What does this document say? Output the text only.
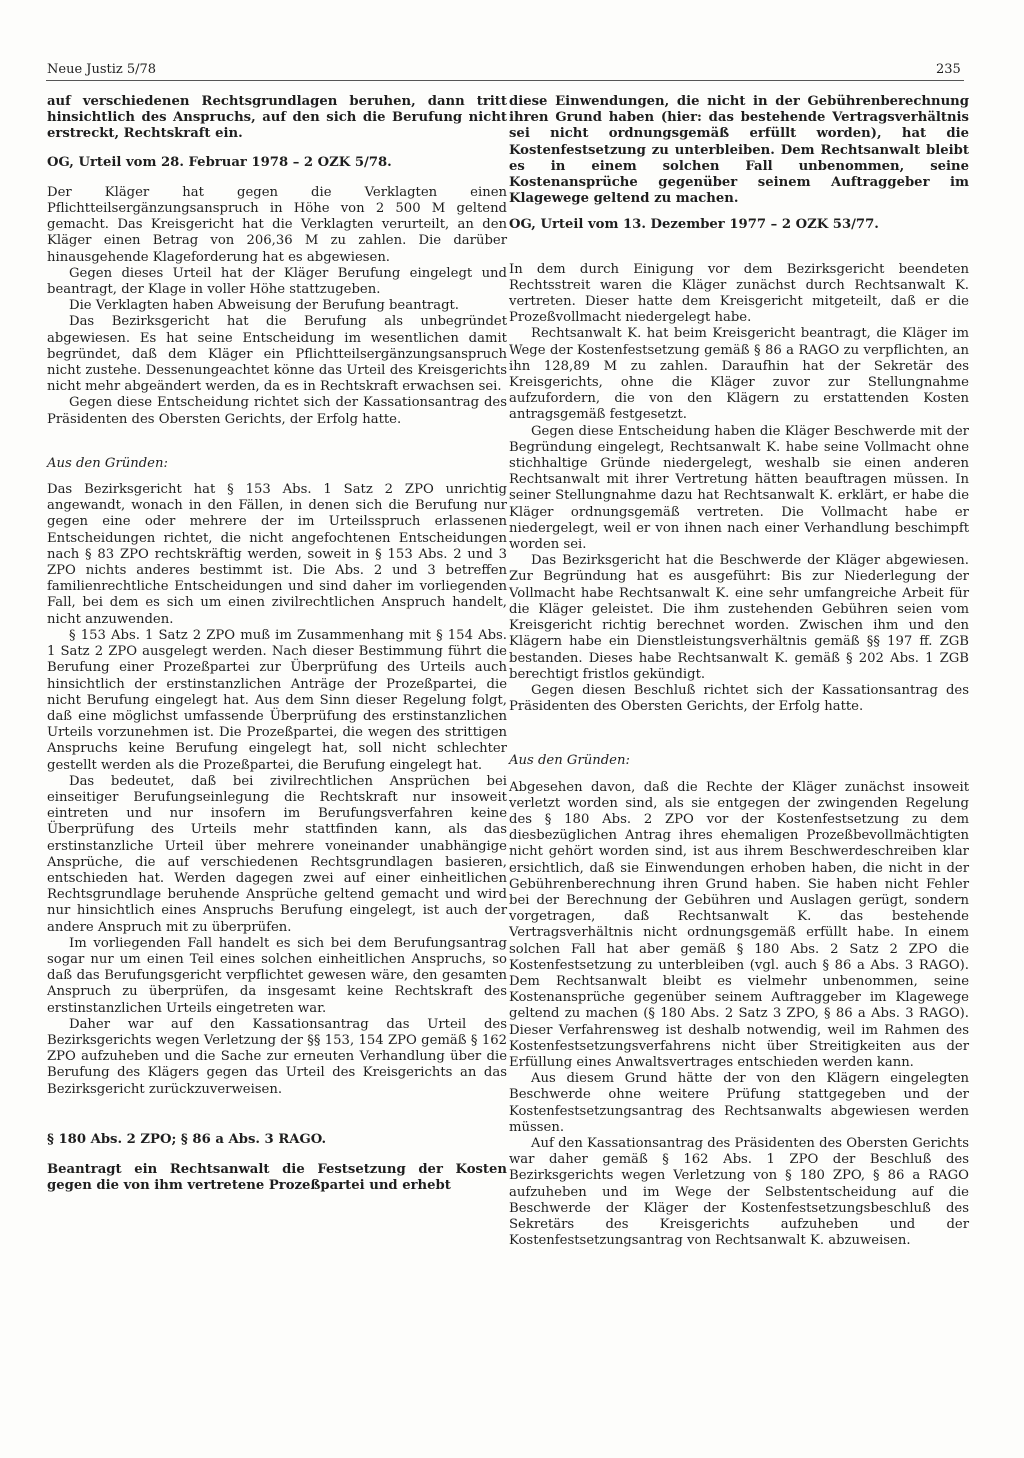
Neue Justiz 5/78	235

auf verschiedenen Rechtsgrundlagen beruhen, dann tritt hinsichtlich des Anspruchs, auf den sich die Berufung nicht erstreckt, Rechtskraft ein.

OG, Urteil vom 28. Februar 1978 – 2 OZK 5/78.

Der Kläger hat gegen die Verklagten einen Pflichtteilsergänzungsanspruch in Höhe von 2 500 M geltend gemacht. Das Kreisgericht hat die Verklagten verurteilt, an den Kläger einen Betrag von 206,36 M zu zahlen. Die darüber hinausgehende Klageforderung hat es abgewiesen.

Gegen dieses Urteil hat der Kläger Berufung eingelegt und beantragt, der Klage in voller Höhe stattzugeben.

Die Verklagten haben Abweisung der Berufung beantragt.

Das Bezirksgericht hat die Berufung als unbegründet abgewiesen. Es hat seine Entscheidung im wesentlichen damit begründet, daß dem Kläger ein Pflichtteilsergänzungsanspruch nicht zustehe. Dessenungeachtet könne das Urteil des Kreisgerichts nicht mehr abgeändert werden, da es in Rechtskraft erwachsen sei.

Gegen diese Entscheidung richtet sich der Kassationsantrag des Präsidenten des Obersten Gerichts, der Erfolg hatte.

Aus den Gründen:

Das Bezirksgericht hat § 153 Abs. 1 Satz 2 ZPO unrichtig angewandt, wonach in den Fällen, in denen sich die Berufung nur gegen eine oder mehrere der im Urteilsspruch erlassenen Entscheidungen richtet, die nicht angefochtenen Entscheidungen nach § 83 ZPO rechtskräftig werden, soweit in § 153 Abs. 2 und 3 ZPO nichts anderes bestimmt ist. Die Abs. 2 und 3 betreffen familienrechtliche Entscheidungen und sind daher im vorliegenden Fall, bei dem es sich um einen zivilrechtlichen Anspruch handelt, nicht anzuwenden.

§ 153 Abs. 1 Satz 2 ZPO muß im Zusammenhang mit § 154 Abs. 1 Satz 2 ZPO ausgelegt werden. Nach dieser Bestimmung führt die Berufung einer Prozeßpartei zur Überprüfung des Urteils auch hinsichtlich der erstinstanzlichen Anträge der Prozeßpartei, die nicht Berufung eingelegt hat. Aus dem Sinn dieser Regelung folgt, daß eine möglichst umfassende Überprüfung des erstinstanzlichen Urteils vorzunehmen ist. Die Prozeßpartei, die wegen des strittigen Anspruchs keine Berufung eingelegt hat, soll nicht schlechter gestellt werden als die Prozeßpartei, die Berufung eingelegt hat.

Das bedeutet, daß bei zivilrechtlichen Ansprüchen bei einseitiger Berufungseinlegung die Rechtskraft nur insoweit eintreten und nur insofern im Berufungsverfahren keine Überprüfung des Urteils mehr stattfinden kann, als das erstinstanzliche Urteil über mehrere voneinander unabhängige Ansprüche, die auf verschiedenen Rechtsgrundlagen basieren, entschieden hat. Werden dagegen zwei auf einer einheitlichen Rechtsgrundlage beruhende Ansprüche geltend gemacht und wird nur hinsichtlich eines Anspruchs Berufung eingelegt, ist auch der andere Anspruch mit zu überprüfen.

Im vorliegenden Fall handelt es sich bei dem Berufungsantrag sogar nur um einen Teil eines solchen einheitlichen Anspruchs, so daß das Berufungsgericht verpflichtet gewesen wäre, den gesamten Anspruch zu überprüfen, da insgesamt keine Rechtskraft des erstinstanzlichen Urteils eingetreten war.

Daher war auf den Kassationsantrag das Urteil des Bezirksgerichts wegen Verletzung der §§ 153, 154 ZPO gemäß § 162 ZPO aufzuheben und die Sache zur erneuten Verhandlung über die Berufung des Klägers gegen das Urteil des Kreisgerichts an das Bezirksgericht zurückzuverweisen.

§ 180 Abs. 2 ZPO; § 86 a Abs. 3 RAGO.

Beantragt ein Rechtsanwalt die Festsetzung der Kosten gegen die von ihm vertretene Prozeßpartei und erhebt

diese Einwendungen, die nicht in der Gebührenberechnung ihren Grund haben (hier: das bestehende Vertragsverhältnis sei nicht ordnungsgemäß erfüllt worden), hat die Kostenfestsetzung zu unterbleiben. Dem Rechtsanwalt bleibt es in einem solchen Fall unbenommen, seine Kostenansprüche gegenüber seinem Auftraggeber im Klagewege geltend zu machen.

OG, Urteil vom 13. Dezember 1977 – 2 OZK 53/77.

In dem durch Einigung vor dem Bezirksgericht beendeten Rechtsstreit waren die Kläger zunächst durch Rechtsanwalt K. vertreten. Dieser hatte dem Kreisgericht mitgeteilt, daß er die Prozeßvollmacht niedergelegt habe.

Rechtsanwalt K. hat beim Kreisgericht beantragt, die Kläger im Wege der Kostenfestsetzung gemäß § 86 a RAGO zu verpflichten, an ihn 128,89 M zu zahlen. Daraufhin hat der Sekretär des Kreisgerichts, ohne die Kläger zuvor zur Stellungnahme aufzufordern, die von den Klägern zu erstattenden Kosten antragsgemäß festgesetzt.

Gegen diese Entscheidung haben die Kläger Beschwerde mit der Begründung eingelegt, Rechtsanwalt K. habe seine Vollmacht ohne stichhaltige Gründe niedergelegt, weshalb sie einen anderen Rechtsanwalt mit ihrer Vertretung hätten beauftragen müssen. In seiner Stellungnahme dazu hat Rechtsanwalt K. erklärt, er habe die Kläger ordnungsgemäß vertreten. Die Vollmacht habe er niedergelegt, weil er von ihnen nach einer Verhandlung beschimpft worden sei.

Das Bezirksgericht hat die Beschwerde der Kläger abgewiesen. Zur Begründung hat es ausgeführt: Bis zur Niederlegung der Vollmacht habe Rechtsanwalt K. eine sehr umfangreiche Arbeit für die Kläger geleistet. Die ihm zustehenden Gebühren seien vom Kreisgericht richtig berechnet worden. Zwischen ihm und den Klägern habe ein Dienstleistungsverhältnis gemäß §§ 197 ff. ZGB bestanden. Dieses habe Rechtsanwalt K. gemäß § 202 Abs. 1 ZGB berechtigt fristlos gekündigt.

Gegen diesen Beschluß richtet sich der Kassationsantrag des Präsidenten des Obersten Gerichts, der Erfolg hatte.

Aus den Gründen:

Abgesehen davon, daß die Rechte der Kläger zunächst insoweit verletzt worden sind, als sie entgegen der zwingenden Regelung des § 180 Abs. 2 ZPO vor der Kostenfestsetzung zu dem diesbezüglichen Antrag ihres ehemaligen Prozeßbevollmächtigten nicht gehört worden sind, ist aus ihrem Beschwerdeschreiben klar ersichtlich, daß sie Einwendungen erhoben haben, die nicht in der Gebührenberechnung ihren Grund haben. Sie haben nicht Fehler bei der Berechnung der Gebühren und Auslagen gerügt, sondern vorgetragen, daß Rechtsanwalt K. das bestehende Vertragsverhältnis nicht ordnungsgemäß erfüllt habe. In einem solchen Fall hat aber gemäß § 180 Abs. 2 Satz 2 ZPO die Kostenfestsetzung zu unterbleiben (vgl. auch § 86 a Abs. 3 RAGO). Dem Rechtsanwalt bleibt es vielmehr unbenommen, seine Kostenansprüche gegenüber seinem Auftraggeber im Klagewege geltend zu machen (§ 180 Abs. 2 Satz 3 ZPO, § 86 a Abs. 3 RAGO). Dieser Verfahrensweg ist deshalb notwendig, weil im Rahmen des Kostenfestsetzungsverfahrens nicht über Streitigkeiten aus der Erfüllung eines Anwaltsvertrages entschieden werden kann.

Aus diesem Grund hätte der von den Klägern eingelegten Beschwerde ohne weitere Prüfung stattgegeben und der Kostenfestsetzungsantrag des Rechtsanwalts abgewiesen werden müssen.

Auf den Kassationsantrag des Präsidenten des Obersten Gerichts war daher gemäß § 162 Abs. 1 ZPO der Beschluß des Bezirksgerichts wegen Verletzung von § 180 ZPO, § 86 a RAGO aufzuheben und im Wege der Selbstentscheidung auf die Beschwerde der Kläger der Kostenfestsetzungsbeschluß des Sekretärs des Kreisgerichts aufzuheben und der Kostenfestsetzungsantrag von Rechtsanwalt K. abzuweisen.
